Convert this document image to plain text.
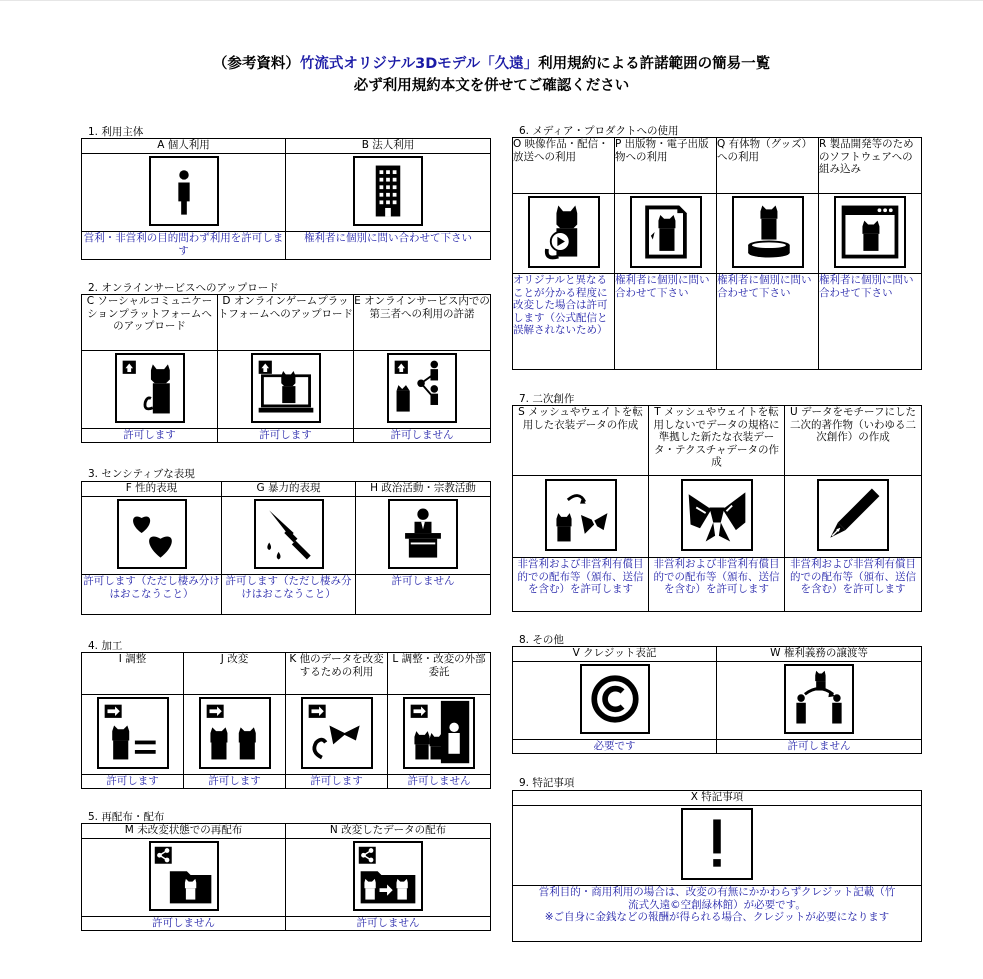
（参考資料）竹流式オリジナル3Dモデル「久遠」利用規約による許諾範囲の簡易一覧
必ず利用規約本文を併せてご確認ください
1. 利用主体
A 個人利用	B 法人利用

営利・非営利の目的問わず利用を許可します	権利者に個別に問い合わせて下さい
2. オンラインサービスへのアップロード
C ソーシャルコミュニケーションプラットフォームへのアップロード	D オンラインゲームプラットフォームへのアップロード	E オンラインサービス内での第三者への利用の許諾

許可します	許可します	許可しません
3. センシティブな表現
F 性的表現	G 暴力的表現	H 政治活動・宗教活動

許可します（ただし棲み分けはおこなうこと）	許可します（ただし棲み分けはおこなうこと）	許可しません
4. 加工
I 調整	J 改変	K 他のデータを改変するための利用	L 調整・改変の外部委託

許可します	許可します	許可します	許可しません
5. 再配布・配布
M 未改変状態での再配布	N 改変したデータの配布

許可しません	許可しません
6. メディア・プロダクトへの使用
O 映像作品・配信・放送への利用	P 出版物・電子出版物への利用	Q 有体物（グッズ）への利用	R 製品開発等のためのソフトウェアへの組み込み

オリジナルと異なることが分かる程度に改変した場合は許可します（公式配信と誤解されないため）	権利者に個別に問い合わせて下さい	権利者に個別に問い合わせて下さい	権利者に個別に問い合わせて下さい
7. 二次創作
S メッシュやウェイトを転用した衣装データの作成	T メッシュやウェイトを転用しないでデータの規格に準拠した新たな衣装データ・テクスチャデータの作成	U データをモチーフにした二次的著作物（いわゆる二次創作）の作成

非営利および非営利有償目的での配布等（頒布、送信を含む）を許可します	非営利および非営利有償目的での配布等（頒布、送信を含む）を許可します	非営利および非営利有償目的での配布等（頒布、送信を含む）を許可します
8. その他
V クレジット表記	W 権利義務の譲渡等

必要です	許可しません
9. 特記事項
X 特記事項

営利目的・商用利用の場合は、改変の有無にかかわらずクレジット記載（竹
流式久遠©空創緑林館）が必要です。
※ご自身に金銭などの報酬が得られる場合、クレジットが必要になります
